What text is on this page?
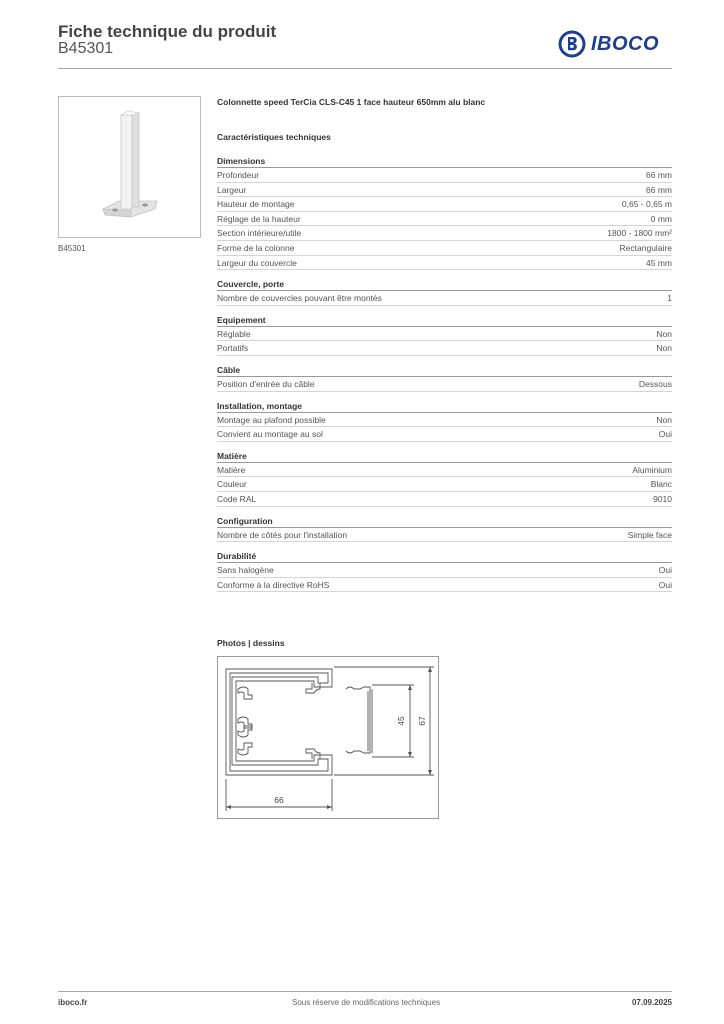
Fiche technique du produit
B45301	IBOCO
B45301
Colonnette speed TerCia CLS-C45 1 face hauteur 650mm alu blanc
Caractéristiques techniques
Dimensions
Profondeur	66 mm
Largeur	66 mm
Hauteur de montage	0,65 - 0,65 m
Réglage de la hauteur	0 mm
Section intérieure/utile	1800 - 1800 mm²
Forme de la colonne	Rectangulaire
Largeur du couvercle	45 mm
Couvercle, porte
Nombre de couvercles pouvant être montés	1
Equipement
Réglable	Non
Portatifs	Non
Câble
Position d'entrée du câble	Dessous
Installation, montage
Montage au plafond possible	Non
Convient au montage au sol	Oui
Matière
Matière	Aluminium
Couleur	Blanc
Code RAL	9010
Configuration
Nombre de côtés pour l'installation	Simple face
Durabilité
Sans halogène	Oui
Conforme à la directive RoHS	Oui
Photos | dessins
66
45 67
iboco.fr	Sous réserve de modifications techniques	07.09.2025
